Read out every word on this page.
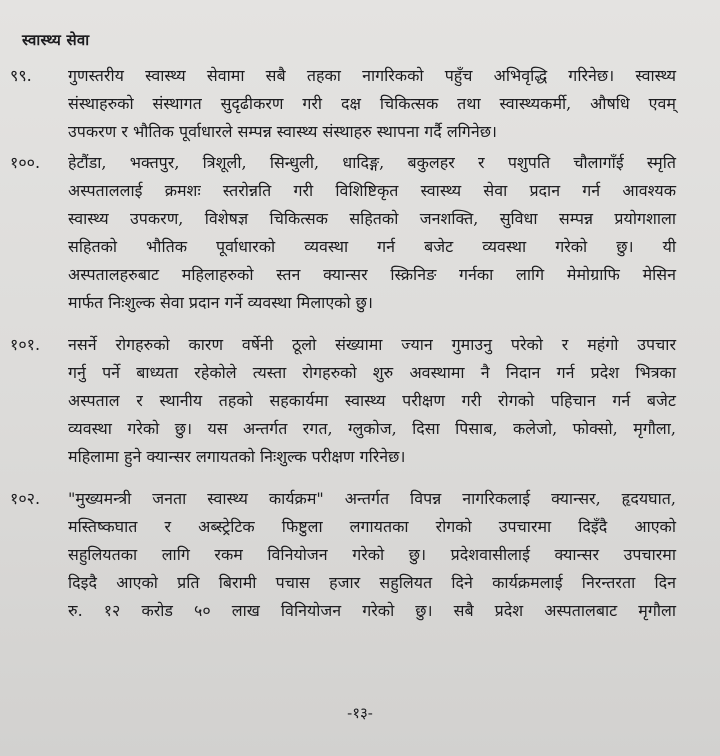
स्वास्थ्य सेवा
९९. गुणस्तरीय स्वास्थ्य सेवामा सबै तहका नागरिकको पहुँच अभिवृद्धि गरिनेछ। स्वास्थ्य
संस्थाहरुको संस्थागत सुदृढीकरण गरी दक्ष चिकित्सक तथा स्वास्थ्यकर्मी, औषधि एवम्
उपकरण र भौतिक पूर्वाधारले सम्पन्न स्वास्थ्य संस्थाहरु स्थापना गर्दै लगिनेछ।
१००. हेटौंडा, भक्तपुर, त्रिशूली, सिन्धुली, धादिङ्ग, बकुलहर र पशुपति चौलागाँई स्मृति
अस्पताललाई क्रमशः स्तरोन्नति गरी विशिष्टिकृत स्वास्थ्य सेवा प्रदान गर्न आवश्यक
स्वास्थ्य उपकरण, विशेषज्ञ चिकित्सक सहितको जनशक्ति, सुविधा सम्पन्न प्रयोगशाला
सहितको भौतिक पूर्वाधारको व्यवस्था गर्न बजेट व्यवस्था गरेको छु। यी
अस्पतालहरुबाट महिलाहरुको स्तन क्यान्सर स्क्रिनिङ गर्नका लागि मेमोग्राफि मेसिन
मार्फत निःशुल्क सेवा प्रदान गर्ने व्यवस्था मिलाएको छु।
१०१. नसर्ने रोगहरुको कारण वर्षेनी ठूलो संख्यामा ज्यान गुमाउनु परेको र महंगो उपचार
गर्नु पर्ने बाध्यता रहेकोले त्यस्ता रोगहरुको शुरु अवस्थामा नै निदान गर्न प्रदेश भित्रका
अस्पताल र स्थानीय तहको सहकार्यमा स्वास्थ्य परीक्षण गरी रोगको पहिचान गर्न बजेट
व्यवस्था गरेको छु। यस अन्तर्गत रगत, ग्लुकोज, दिसा पिसाब, कलेजो, फोक्सो, मृगौला,
महिलामा हुने क्यान्सर लगायतको निःशुल्क परीक्षण गरिनेछ।
१०२. "मुख्यमन्त्री जनता स्वास्थ्य कार्यक्रम" अन्तर्गत विपन्न नागरिकलाई क्यान्सर, हृदयघात,
मस्तिष्कघात र अब्स्ट्रेटिक फिष्टुला लगायतका रोगको उपचारमा दिइँदै आएको
सहुलियतका लागि रकम विनियोजन गरेको छु। प्रदेशवासीलाई क्यान्सर उपचारमा
दिइदै आएको प्रति बिरामी पचास हजार सहुलियत दिने कार्यक्रमलाई निरन्तरता दिन
रु. १२ करोड ५० लाख विनियोजन गरेको छु। सबै प्रदेश अस्पतालबाट मृगौला
-१३-
